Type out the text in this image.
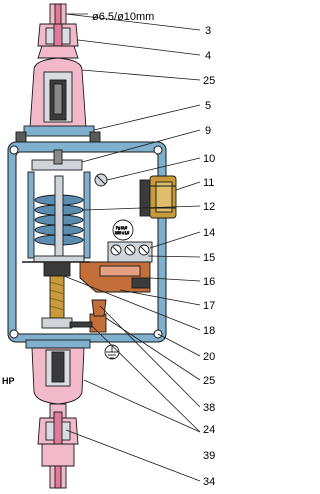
Pg 13,5
M20 x 1,5
ø6.5/ø10mm
HP
3
4
25
5
9
10
11
12
14
15
16
17
18
20
25
38
24
34
39
